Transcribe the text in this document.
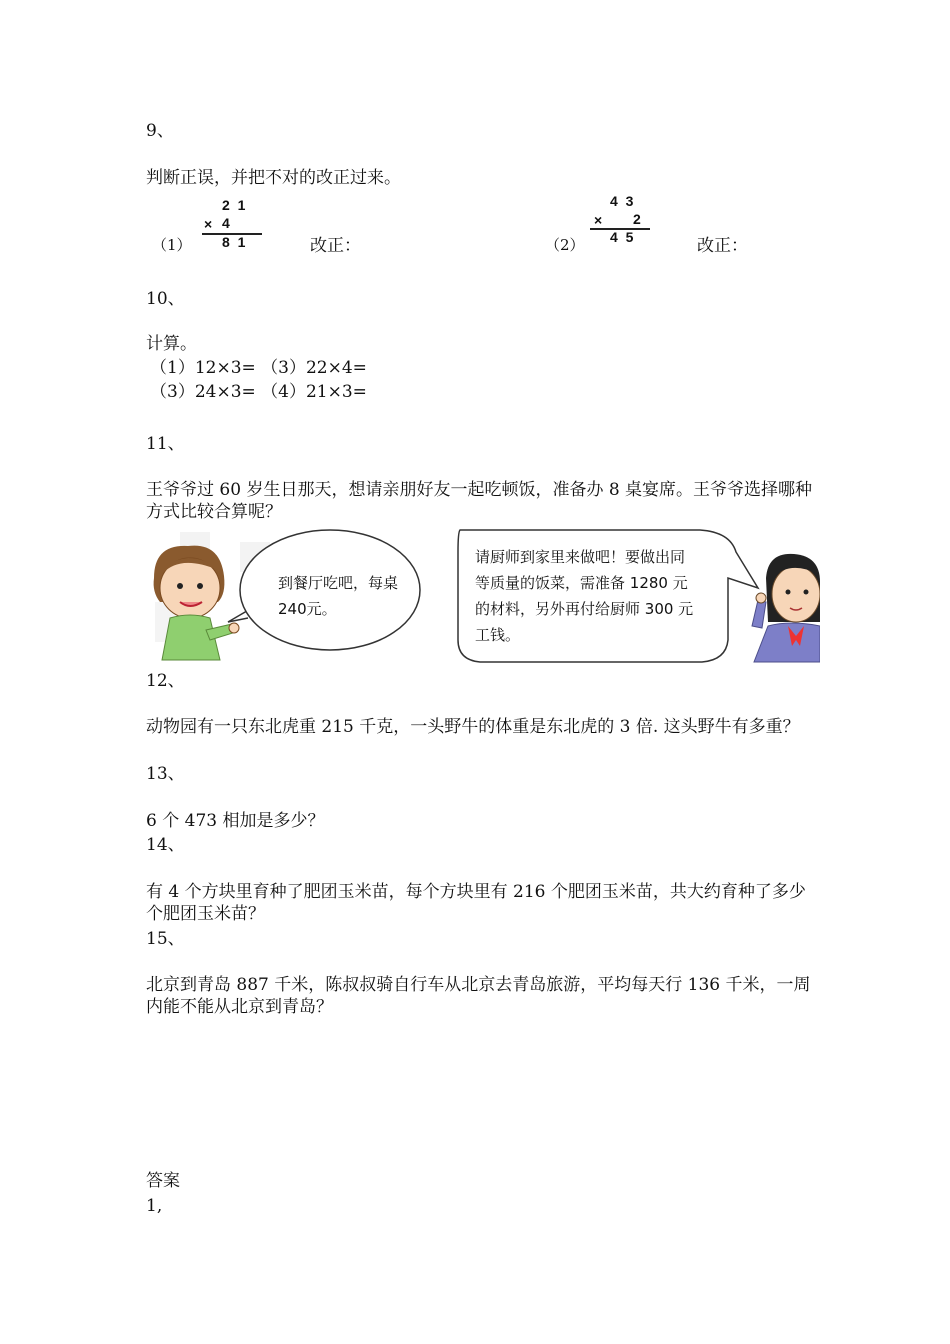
9、
判断正误，并把不对的改正过来。
（1）
2  1
× 4
8  1	改正：	（2）
4  3
× 2
4  5	改正：
10、
计算。
（1）12×3= （3）22×4=
（3）24×3= （4）21×3=
11、
王爷爷过 60 岁生日那天，想请亲朋好友一起吃顿饭，准备办 8 桌宴席。王爷爷选择哪种方式比较合算呢？
到餐厅吃吧，每桌
240元。
请厨师到家里来做吧！要做出同
等质量的饭菜，需准备 1280 元
的材料，另外再付给厨师 300 元
工钱。
12、
动物园有一只东北虎重 215 千克，一头野牛的体重是东北虎的 3 倍. 这头野牛有多重？
13、
6 个 473 相加是多少？
14、
有 4 个方块里育种了肥团玉米苗，每个方块里有 216 个肥团玉米苗，共大约育种了多少个肥团玉米苗？
15、
北京到青岛 887 千米，陈叔叔骑自行车从北京去青岛旅游，平均每天行 136 千米，一周内能不能从北京到青岛？
答案
1,
